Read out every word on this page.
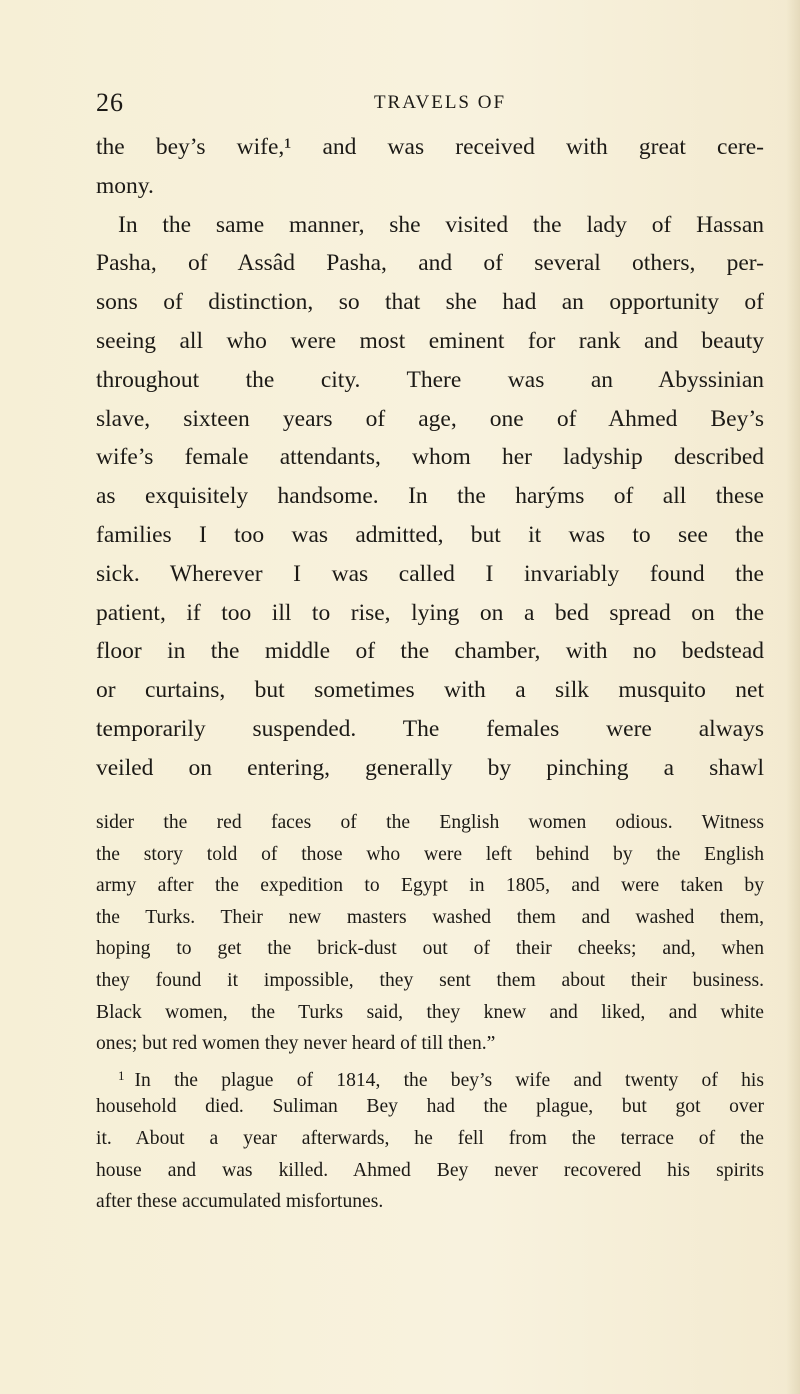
26	TRAVELS OF
the bey’s wife,¹ and was received with great cere-
mony.
In the same manner, she visited the lady of Hassan
Pasha, of Assâd Pasha, and of several others, per-
sons of distinction, so that she had an opportunity of
seeing all who were most eminent for rank and beauty
throughout the city. There was an Abyssinian
slave, sixteen years of age, one of Ahmed Bey’s
wife’s female attendants, whom her ladyship described
as exquisitely handsome. In the harýms of all these
families I too was admitted, but it was to see the
sick. Wherever I was called I invariably found the
patient, if too ill to rise, lying on a bed spread on the
floor in the middle of the chamber, with no bedstead
or curtains, but sometimes with a silk musquito net
temporarily suspended. The females were always
veiled on entering, generally by pinching a shawl
sider the red faces of the English women odious. Witness
the story told of those who were left behind by the English
army after the expedition to Egypt in 1805, and were taken by
the Turks. Their new masters washed them and washed them,
hoping to get the brick-dust out of their cheeks; and, when
they found it impossible, they sent them about their business.
Black women, the Turks said, they knew and liked, and white
ones; but red women they never heard of till then.”
1 In the plague of 1814, the bey’s wife and twenty of his
household died. Suliman Bey had the plague, but got over
it. About a year afterwards, he fell from the terrace of the
house and was killed. Ahmed Bey never recovered his spirits
after these accumulated misfortunes.
